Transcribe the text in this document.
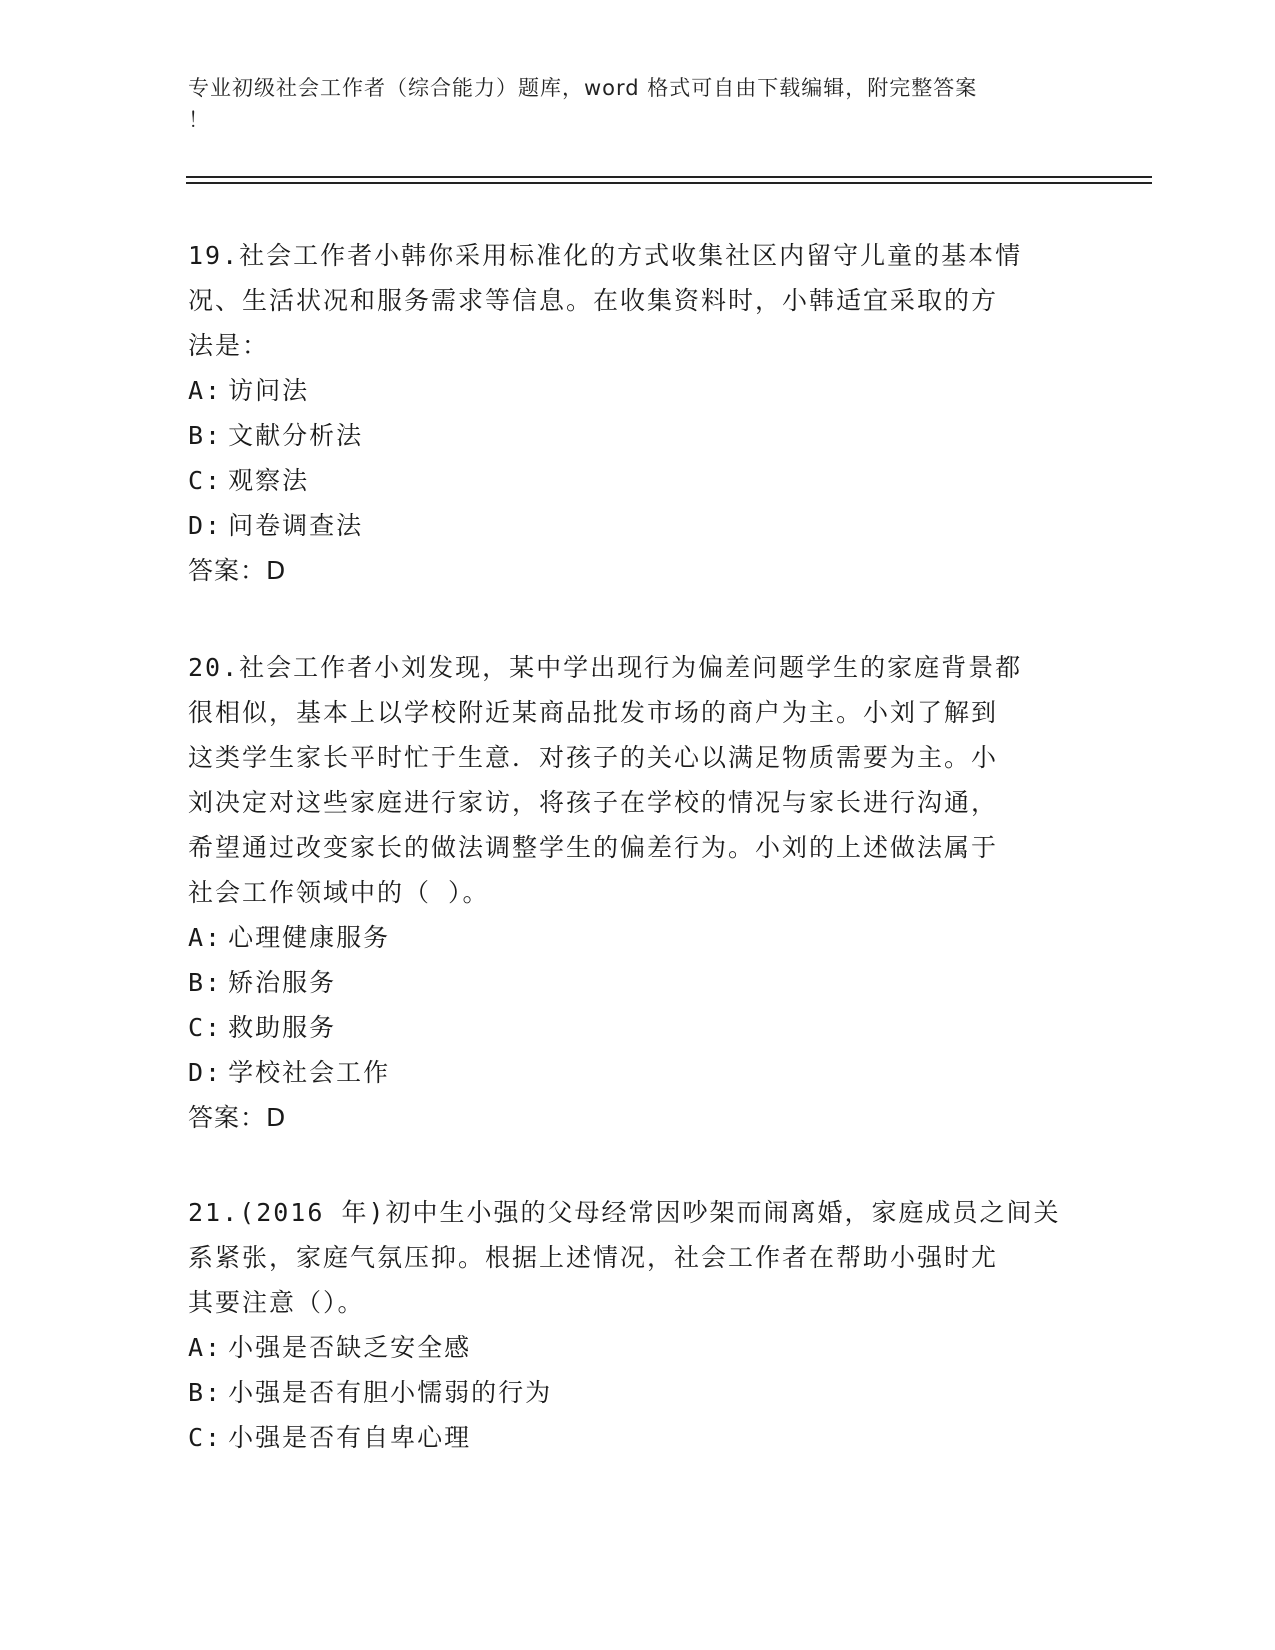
专业初级社会工作者（综合能力）题库，word 格式可自由下载编辑，附完整答案
！
19.社会工作者小韩你采用标准化的方式收集社区内留守儿童的基本情
况、生活状况和服务需求等信息。在收集资料时，小韩适宜采取的方
法是：
A: 访问法
B: 文献分析法
C: 观察法
D: 问卷调查法
答案：D
20.社会工作者小刘发现，某中学出现行为偏差问题学生的家庭背景都
很相似，基本上以学校附近某商品批发市场的商户为主。小刘了解到
这类学生家长平时忙于生意．对孩子的关心以满足物质需要为主。小
刘决定对这些家庭进行家访，将孩子在学校的情况与家长进行沟通，
希望通过改变家长的做法调整学生的偏差行为。小刘的上述做法属于
社会工作领域中的（ ）。
A: 心理健康服务
B: 矫治服务
C: 救助服务
D: 学校社会工作
答案：D
21.(2016 年)初中生小强的父母经常因吵架而闹离婚，家庭成员之间关
系紧张，家庭气氛压抑。根据上述情况，社会工作者在帮助小强时尤
其要注意（）。
A: 小强是否缺乏安全感
B: 小强是否有胆小懦弱的行为
C: 小强是否有自卑心理
